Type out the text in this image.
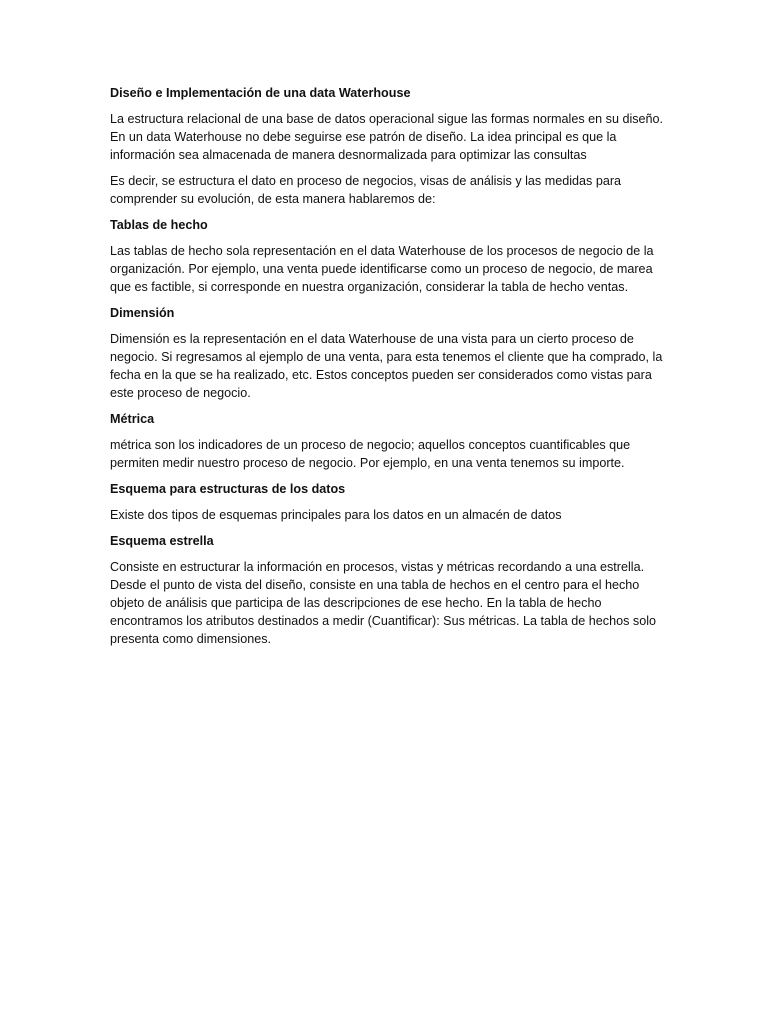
Diseño e Implementación de una data Waterhouse

La estructura relacional de una base de datos operacional sigue las formas normales en su diseño. En un data Waterhouse no debe seguirse ese patrón de diseño. La idea principal es que la información sea almacenada de manera desnormalizada para optimizar las consultas

Es decir, se estructura el dato en proceso de negocios, visas de análisis y las medidas para comprender su evolución, de esta manera hablaremos de:

Tablas de hecho

Las tablas de hecho sola representación en el data Waterhouse de los procesos de negocio de la organización. Por ejemplo, una venta puede identificarse como un proceso de negocio, de marea que es factible, si corresponde en nuestra organización, considerar la tabla de hecho ventas.

Dimensión

Dimensión es la representación en el data Waterhouse de una vista para un cierto proceso de negocio. Si regresamos al ejemplo de una venta, para esta tenemos el cliente que ha comprado, la fecha en la que se ha realizado, etc. Estos conceptos pueden ser considerados como vistas para este proceso de negocio.

Métrica

métrica son los indicadores de un proceso de negocio; aquellos conceptos cuantificables que permiten medir nuestro proceso de negocio. Por ejemplo, en una venta tenemos su importe.

Esquema para estructuras de los datos

Existe dos tipos de esquemas principales para los datos en un almacén de datos

Esquema estrella

Consiste en estructurar la información en procesos, vistas y métricas recordando a una estrella. Desde el punto de vista del diseño, consiste en una tabla de hechos en el centro para el hecho objeto de análisis que participa de las descripciones de ese hecho. En la tabla de hecho encontramos los atributos destinados a medir (Cuantificar): Sus métricas. La tabla de hechos solo presenta como dimensiones.
